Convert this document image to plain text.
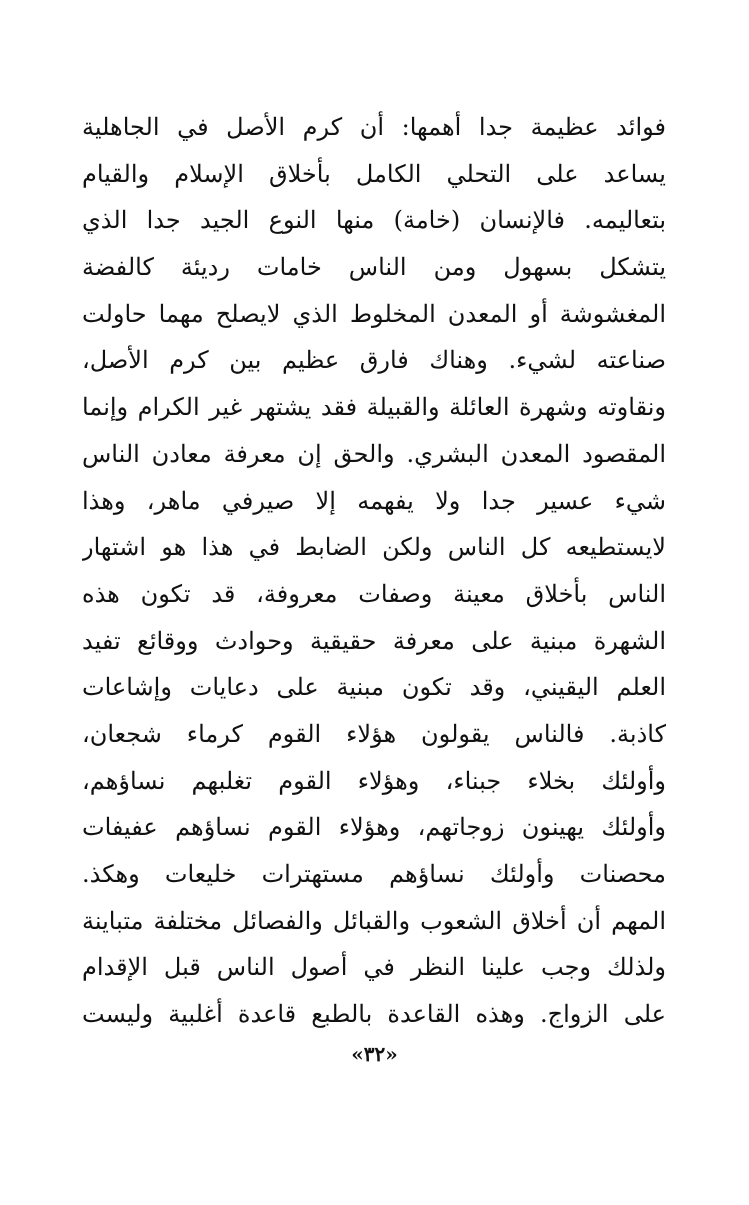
فوائد عظيمة جدا أهمها: أن كرم الأصل في الجاهلية
يساعد على التحلي الكامل بأخلاق الإسلام والقيام
بتعاليمه. فالإنسان (خامة) منها النوع الجيد جدا الذي
يتشكل بسهول ومن الناس خامات رديئة كالفضة
المغشوشة أو المعدن المخلوط الذي لايصلح مهما حاولت
صناعته لشيء. وهناك فارق عظيم بين كرم الأصل،
ونقاوته وشهرة العائلة والقبيلة فقد يشتهر غير الكرام وإنما
المقصود المعدن البشري. والحق إن معرفة معادن الناس
شيء عسير جدا ولا يفهمه إلا صيرفي ماهر، وهذا
لايستطيعه كل الناس ولكن الضابط في هذا هو اشتهار
الناس بأخلاق معينة وصفات معروفة، قد تكون هذه
الشهرة مبنية على معرفة حقيقية وحوادث ووقائع تفيد
العلم اليقيني، وقد تكون مبنية على دعايات وإشاعات
كاذبة. فالناس يقولون هؤلاء القوم كرماء شجعان،
وأولئك بخلاء جبناء، وهؤلاء القوم تغلبهم نساؤهم،
وأولئك يهينون زوجاتهم، وهؤلاء القوم نساؤهم عفيفات
محصنات وأولئك نساؤهم مستهترات خليعات وهكذ.
المهم أن أخلاق الشعوب والقبائل والفصائل مختلفة متباينة
ولذلك وجب علينا النظر في أصول الناس قبل الإقدام
على الزواج. وهذه القاعدة بالطبع قاعدة أغلبية وليست
«٣٢»
